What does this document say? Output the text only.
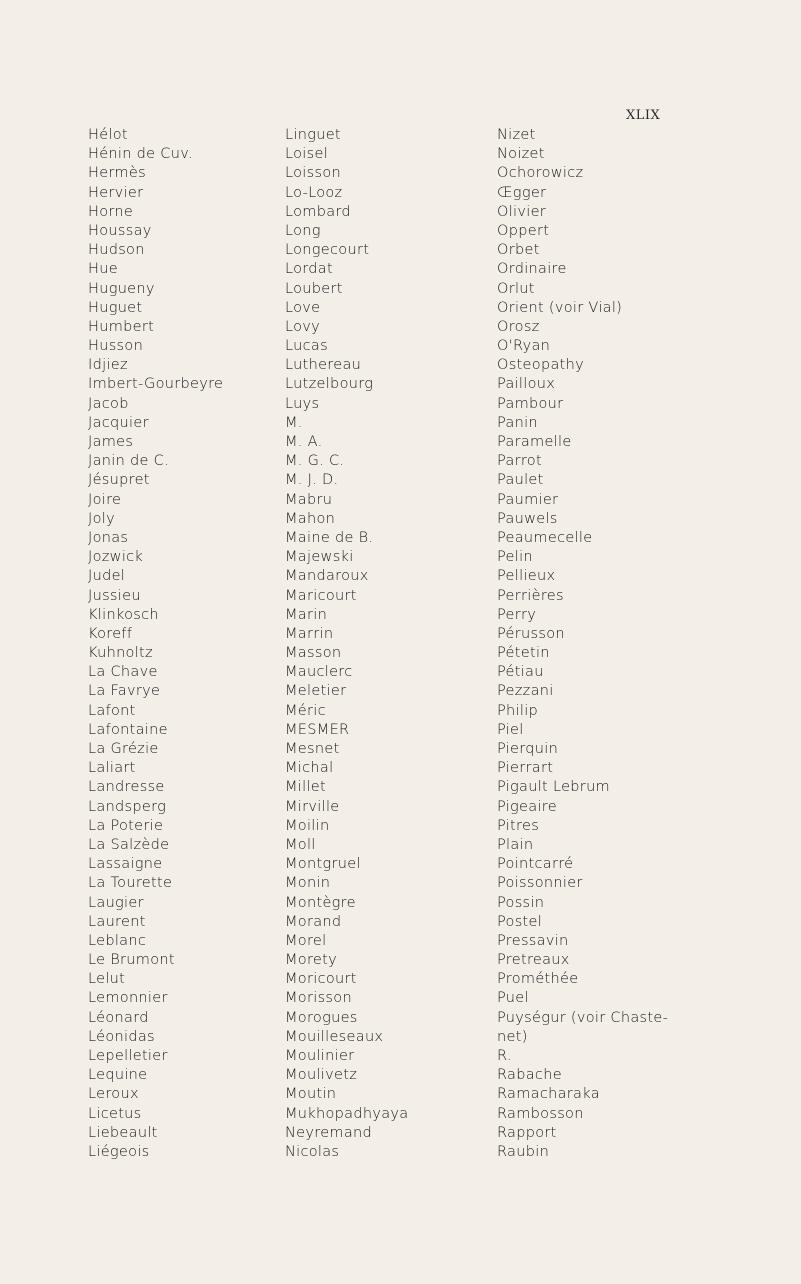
XLIX
Hélot
Hénin de Cuv.
Hermès
Hervier
Horne
Houssay
Hudson
Hue
Hugueny
Huguet
Humbert
Husson
Idjiez
Imbert-Gourbeyre
Jacob
Jacquier
James
Janin de C.
Jésupret
Joire
Joly
Jonas
Jozwick
Judel
Jussieu
Klinkosch
Koreff
Kuhnoltz
La Chave
La Favrye
Lafont
Lafontaine
La Grézie
Laliart
Landresse
Landsperg
La Poterie
La Salzède
Lassaigne
La Tourette
Laugier
Laurent
Leblanc
Le Brumont
Lelut
Lemonnier
Léonard
Léonidas
Lepelletier
Lequine
Leroux
Licetus
Liebeault
Liégeois
Linguet
Loisel
Loisson
Lo-Looz
Lombard
Long
Longecourt
Lordat
Loubert
Love
Lovy
Lucas
Luthereau
Lutzelbourg
Luys
M.
M. A.
M. G. C.
M. J. D.
Mabru
Mahon
Maine de B.
Majewski
Mandaroux
Maricourt
Marin
Marrin
Masson
Mauclerc
Meletier
Méric
MESMER
Mesnet
Michal
Millet
Mirville
Moilin
Moll
Montgruel
Monin
Montègre
Morand
Morel
Morety
Moricourt
Morisson
Morogues
Mouilleseaux
Moulinier
Moulivetz
Moutin
Mukhopadhyaya
Neyremand
Nicolas
Nizet
Noizet
Ochorowicz
Œgger
Olivier
Oppert
Orbet
Ordinaire
Orlut
Orient (voir Vial)
Orosz
O'Ryan
Osteopathy
Pailloux
Pambour
Panin
Paramelle
Parrot
Paulet
Paumier
Pauwels
Peaumecelle
Pelin
Pellieux
Perrières
Perry
Pérusson
Pétetin
Pétiau
Pezzani
Philip
Piel
Pierquin
Pierrart
Pigault Lebrum
Pigeaire
Pitres
Plain
Pointcarré
Poissonnier
Possin
Postel
Pressavin
Pretreaux
Prométhée
Puel
Puységur (voir Chaste-
net)
R.
Rabache
Ramacharaka
Rambosson
Rapport
Raubin
